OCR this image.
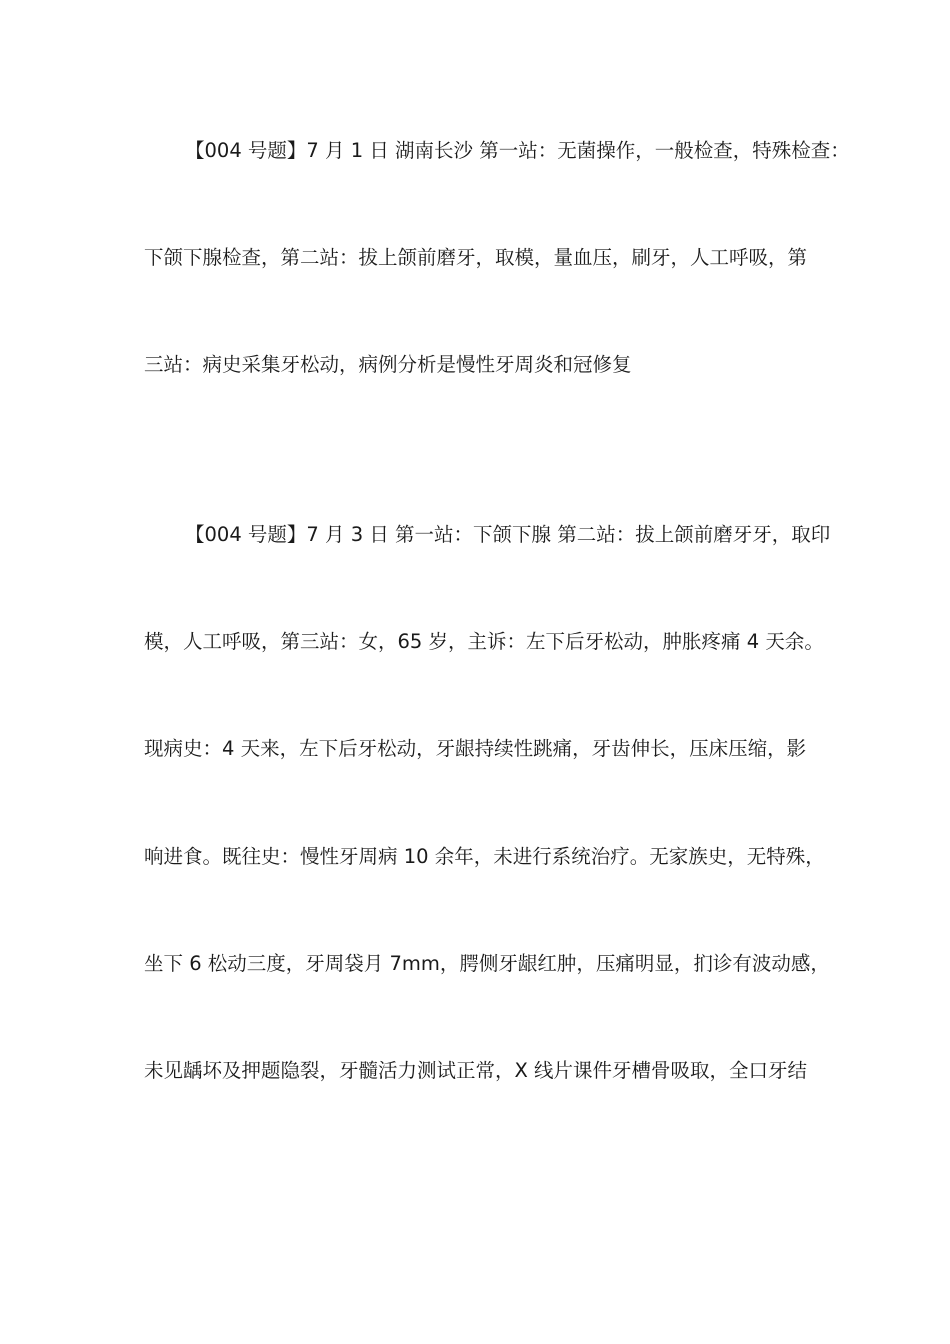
【004 号题】7 月 1 日 湖南长沙 第一站：无菌操作，一般检查，特殊检查：
下颌下腺检查，第二站：拔上颌前磨牙，取模，量血压，刷牙，人工呼吸，第
三站：病史采集牙松动，病例分析是慢性牙周炎和冠修复
【004 号题】7 月 3 日 第一站：下颌下腺 第二站：拔上颌前磨牙牙，取印
模，人工呼吸，第三站：女，65 岁，主诉：左下后牙松动，肿胀疼痛 4 天余。
现病史：4 天来，左下后牙松动，牙龈持续性跳痛，牙齿伸长，压床压缩，影
响进食。既往史：慢性牙周病 10 余年，未进行系统治疗。无家族史，无特殊，
坐下 6 松动三度，牙周袋月 7mm，腭侧牙龈红肿，压痛明显，扪诊有波动感，
未见龋坏及押题隐裂，牙髓活力测试正常，X 线片课件牙槽骨吸取，全口牙结
